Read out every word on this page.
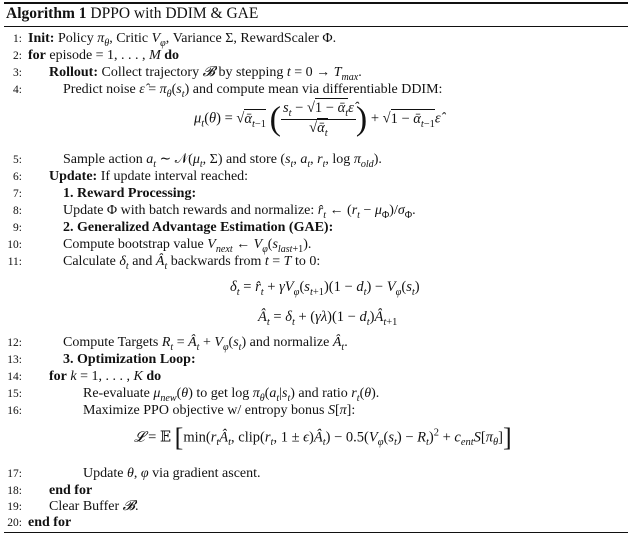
Algorithm 1 DPPO with DDIM & GAE
1: Init: Policy $\pi_\theta$, Critic $V_\varphi$, Variance Σ, RewardScaler Φ.
2: for episode = 1, . . . , M do
3: Rollout: Collect trajectory 𝓑 by stepping $t = 0 \to T_{max}$.
4:	Predict noise ε̂ = $\pi_\theta(s_t)$ and compute mean via differentiable DDIM:
$\mu_t(\theta)$ = √ᾱ$_{t-1}$ ( $\frac{s_t - √1 - ᾱ_t\varepsilon̂}{√ᾱ_t}$ ) + √1 − ᾱ$_{t-1}$ε̂
5:	Sample action $a_t$ ∼ $𝒩(\mu_t$, Σ) and store ($s_t$, $a_t$, $r_t$, $\log \pi_{old}$).
6: Update: If update interval reached:
7:	1. Reward Processing:
8:	Update Φ with batch rewards and normalize: $r̂_t$ ← $(r_t - \mu_\Phi)/\sigma_\Phi$.
9:	2. Generalized Advantage Estimation (GAE):
10:	Compute bootstrap value $V_{next}$ ← $V_\varphi(s_{last+1})$.
11:	Calculate $\delta_t$ and $Â_t$ backwards from t = T to 0:
$\delta_t$ = $r̂_t + \gamma V_\varphi(s_{t+1})(1 - d_t) - V_\varphi(s_t)$
$Â_t = \delta_t + (\gamma\lambda)(1$ − $d_t)Â_{t+1}$
12:	Compute Targets $R_t$ = $Â_t + V_\varphi(s_t)$ and normalize $Â_t$.
13:	3. Optimization Loop:
14: for k = 1, . . . , K do
15:	Re-evaluate $\mu_{new}(\theta)$ to get $\log \pi_\theta(a_t|s_t)$ and ratio $r_t(\theta)$.
16:	Maximize PPO objective w/ entropy bonus S[π]:
𝓛 = 𝔼 [$\min(r_tÂ_t$, $clip(r_t$, $1 \pm \epsilon)Â_t) - 0.5(V_\varphi(s_t) - R_t)^2 + c_{ent}S[\pi_\theta]$]
17:	Update θ, φ via gradient ascent.
18: end for
19: Clear Buffer 𝓑.
20: end for
